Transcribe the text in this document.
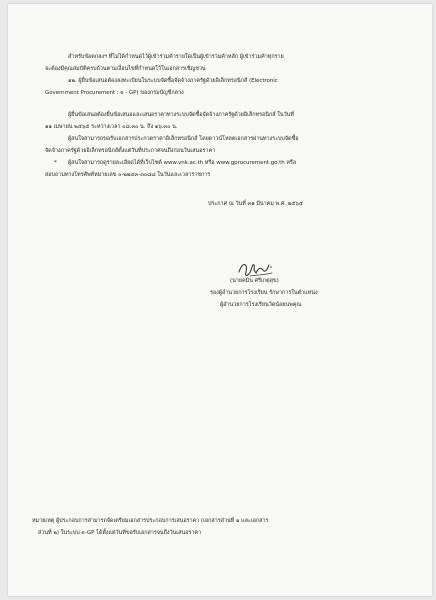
สำหรับข้อตกลงฯ ที่ไม่ได้กำหนดไว้ผู้เข้าร่วมค้ารายใดเป็นผู้เข้าร่วมค้าหลัก ผู้เข้าร่วมค้าทุกราย
จะต้องมีคุณสมบัติครบถ้วนตามเงื่อนไขที่กำหนดไว้ในเอกสารเชิญชวน
๑๒. ผู้ยื่นข้อเสนอต้องลงทะเบียนในระบบจัดซื้อจัดจ้างภาครัฐด้วยอิเล็กทรอนิกส์ (Electronic
Government Procurement : e - GP) ของกรมบัญชีกลาง
ผู้ยื่นข้อเสนอต้องยื่นข้อเสนอและเสนอราคาทางระบบจัดซื้อจัดจ้างภาครัฐด้วยอิเล็กทรอนิกส์ ในวันที่
๑๑ เมษายน ๒๕๖๕ ระหว่างเวลา ๐๘.๓๐ น. ถึง ๑๖.๓๐ น.
ผู้สนใจสามารถขอรับเอกสารประกวดราคาอิเล็กทรอนิกส์ โดยดาวน์โหลดเอกสารผ่านทางระบบจัดซื้อ
จัดจ้างภาครัฐด้วยอิเล็กทรอนิกส์ตั้งแต่วันที่ประกาศจนถึงก่อนวันเสนอราคา
* ผู้สนใจสามารถดูรายละเอียดได้ที่เว็บไซต์ www.vnk.ac.th หรือ www.gprocurement.go.th หรือ
สอบถามทางโทรศัพท์หมายเลข ๐-๒๒๔๓-๓๐๘๘ ในวันและเวลาราชการ
ประกาศ ณ วันที่ ๓๑ มีนาคม พ.ศ. ๒๕๖๕
(นายคมิน ศรีเกตุสุข)
รองผู้อำนวยการโรงเรียน รักษาการในตำแหน่ง
ผู้อำนวยการโรงเรียนวัดน้อยนพคุณ
หมายเหตุ ผู้ประกอบการสามารถจัดเตรียมเอกสารประกอบการเสนอราคา (เอกสารส่วนที่ ๑ และเอกสาร
ส่วนที่ ๒) ในระบบ e-GP ได้ตั้งแต่วันที่ขอรับเอกสารจนถึงวันเสนอราคา
